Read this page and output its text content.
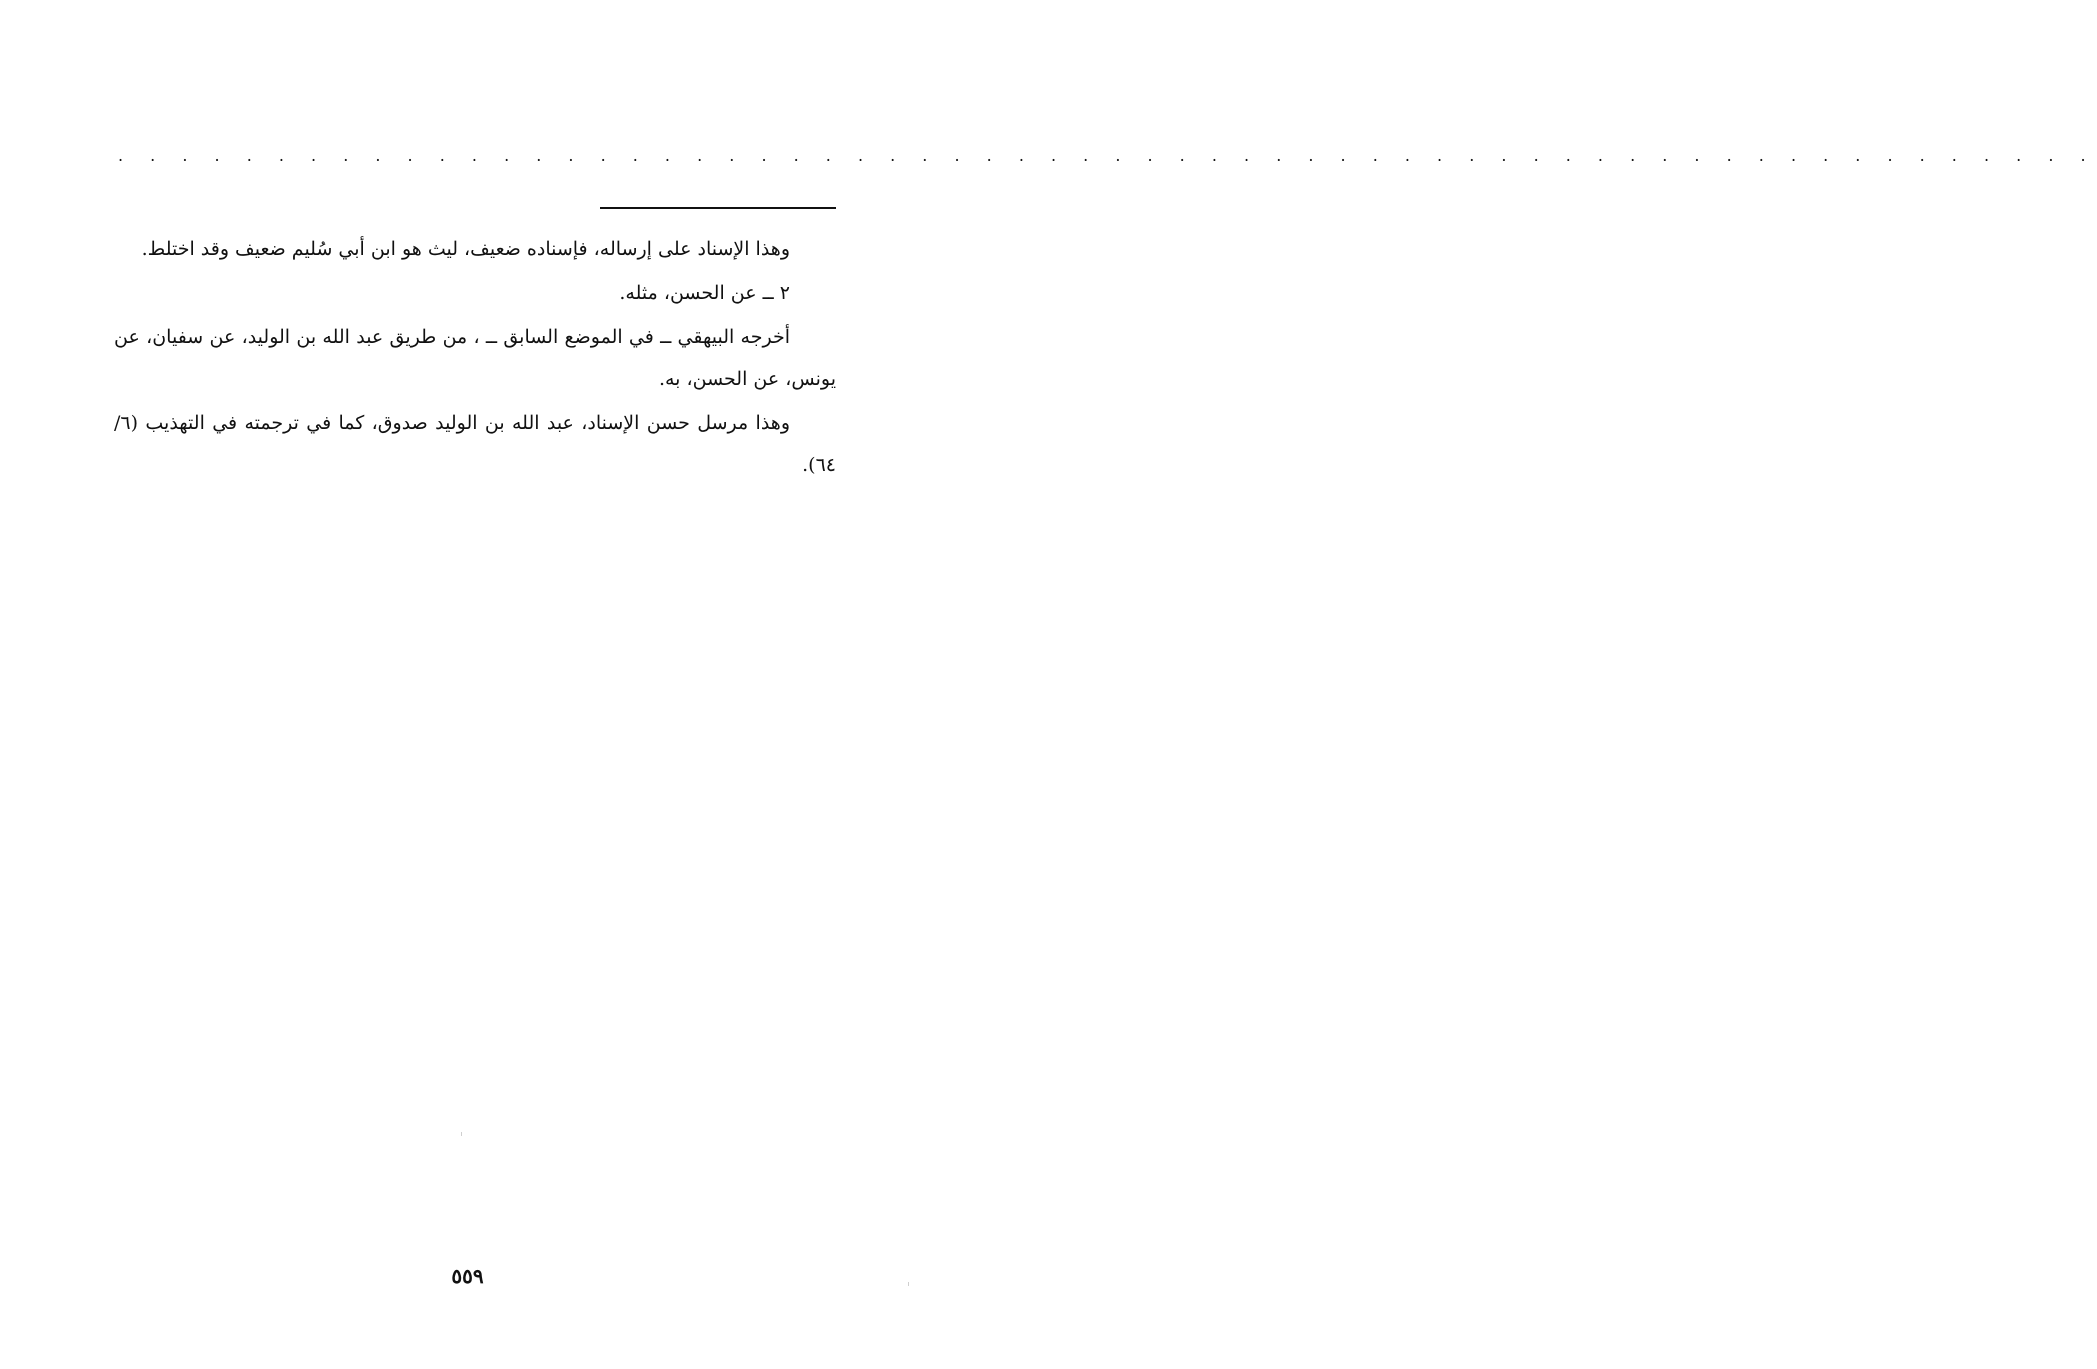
. . . . . . . . . . . . . . . . . . . . . . . . . . . . . . . . . . . . . . . . . . . . . . . . . . . . . . . . . . . . . .

وهذا الإسناد على إرساله، فإسناده ضعيف، ليث هو ابن أبي سُليم ضعيف وقد اختلط.

٢ ــ عن الحسن، مثله.

أخرجه البيهقي ــ في الموضع السابق ــ ، من طريق عبد الله بن الوليد، عن سفيان، عن يونس، عن الحسن، به.

وهذا مرسل حسن الإسناد، عبد الله بن الوليد صدوق، كما في ترجمته في التهذيب (٦/ ٦٤).

٥٥٩
